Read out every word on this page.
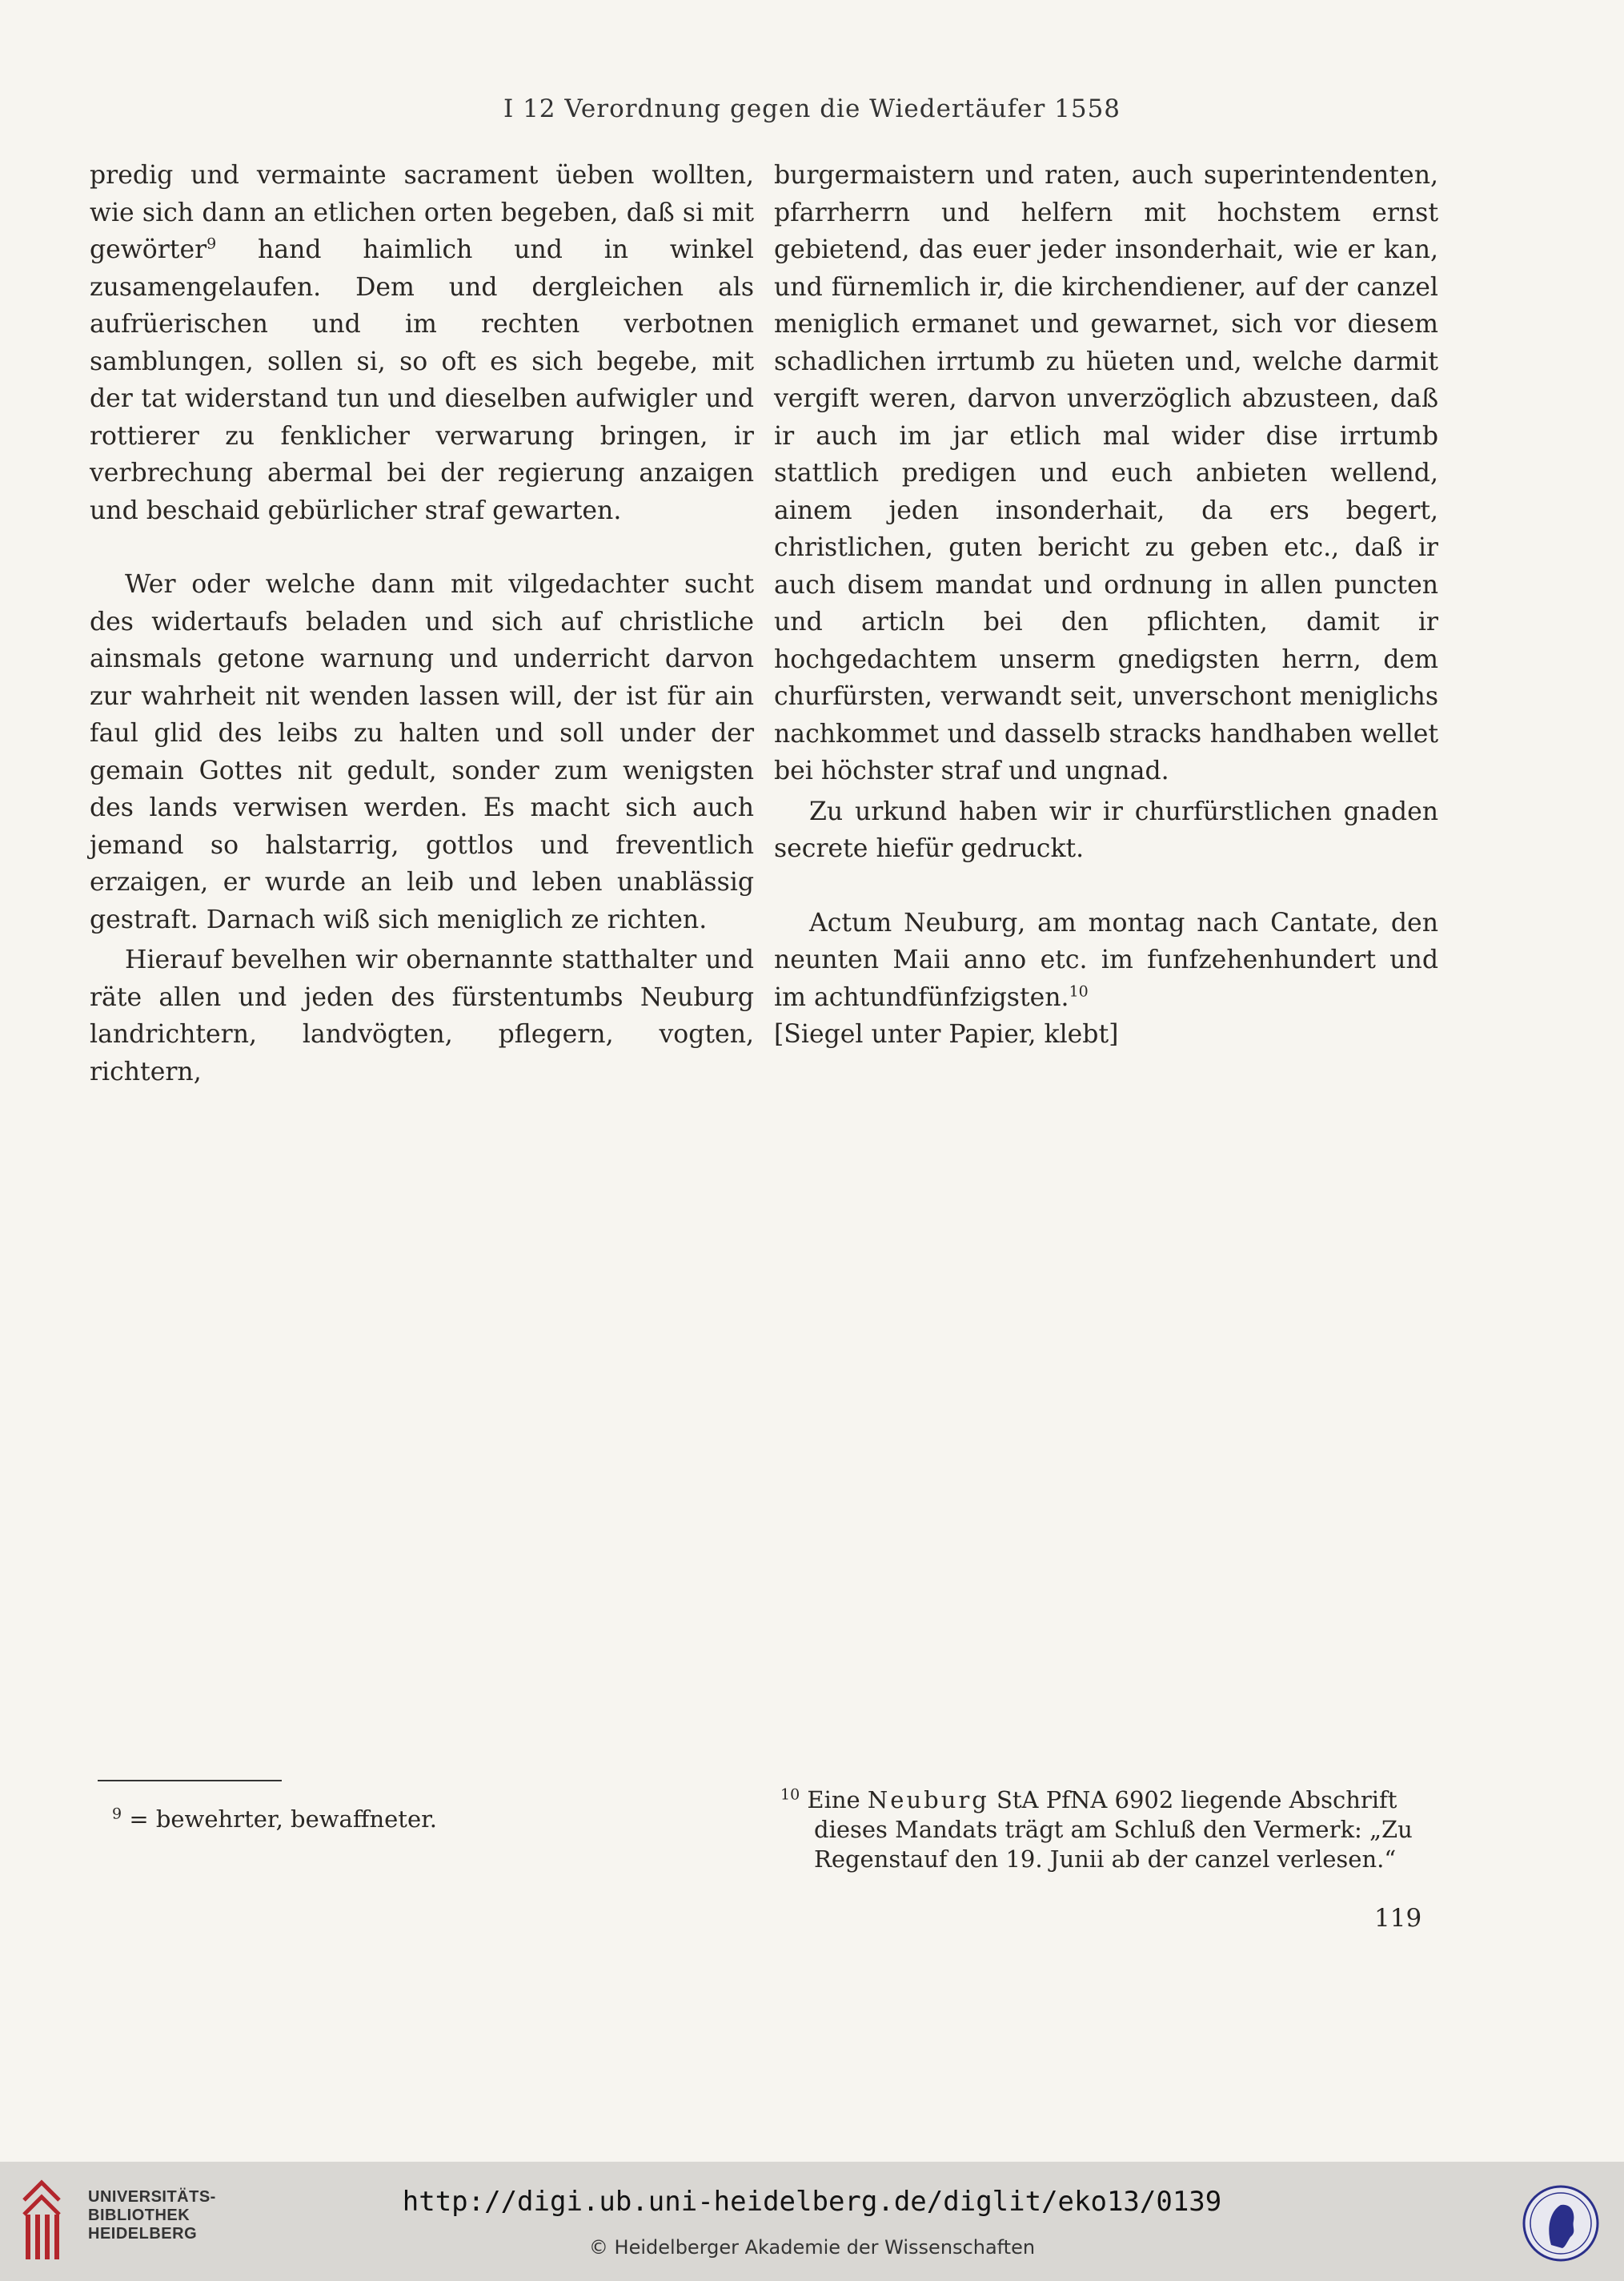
I 12 Verordnung gegen die Wiedertäufer 1558

predig und vermainte sacrament üeben wollten, wie sich dann an etlichen orten begeben, daß si mit gewörter$^9$ hand haimlich und in winkel zusamengelaufen. Dem und dergleichen als aufrüerischen und im rechten verbotnen samblungen, sollen si, so oft es sich begebe, mit der tat widerstand tun und dieselben aufwigler und rottierer zu fenklicher verwarung bringen, ir verbrechung abermal bei der regierung anzaigen und beschaid gebürlicher straf gewarten.

Wer oder welche dann mit vilgedachter sucht des widertaufs beladen und sich auf christliche ainsmals getone warnung und underricht darvon zur wahrheit nit wenden lassen will, der ist für ain faul glid des leibs zu halten und soll under der gemain Gottes nit gedult, sonder zum wenigsten des lands verwisen werden. Es macht sich auch jemand so halstarrig, gottlos und freventlich erzaigen, er wurde an leib und leben unablässig gestraft. Darnach wiß sich meniglich ze richten.

Hierauf bevelhen wir obernannte statthalter und räte allen und jeden des fürstentumbs Neuburg landrichtern, landvögten, pflegern, vogten, richtern,

burgermaistern und raten, auch superintendenten, pfarrherrn und helfern mit hochstem ernst gebietend, das euer jeder insonderhait, wie er kan, und fürnemlich ir, die kirchendiener, auf der canzel meniglich ermanet und gewarnet, sich vor diesem schadlichen irrtumb zu hüeten und, welche darmit vergift weren, darvon unverzöglich abzusteen, daß ir auch im jar etlich mal wider dise irrtumb stattlich predigen und euch anbieten wellend, ainem jeden insonderhait, da ers begert, christlichen, guten bericht zu geben etc., daß ir auch disem mandat und ordnung in allen puncten und articln bei den pflichten, damit ir hochgedachtem unserm gnedigsten herrn, dem churfürsten, verwandt seit, unverschont meniglichs nachkommet und dasselb stracks handhaben wellet bei höchster straf und ungnad.

Zu urkund haben wir ir churfürstlichen gnaden secrete hiefür gedruckt.

Actum Neuburg, am montag nach Cantate, den neunten Maii anno etc. im funfzehenhundert und im achtundfünfzigsten.$^{10}$

[Siegel unter Papier, klebt]

$^9$ = bewehrter, bewaffneter.
$^{10}$ Eine Neuburg StA PfNA 6902 liegende Abschrift dieses Mandats trägt am Schluß den Vermerk: „Zu Regenstauf den 19. Junii ab der canzel verlesen.“
119
UNIVERSITÄTS-
BIBLIOTHEK
HEIDELBERG
http://digi.ub.uni-heidelberg.de/diglit/eko13/0139
© Heidelberger Akademie der Wissenschaften
